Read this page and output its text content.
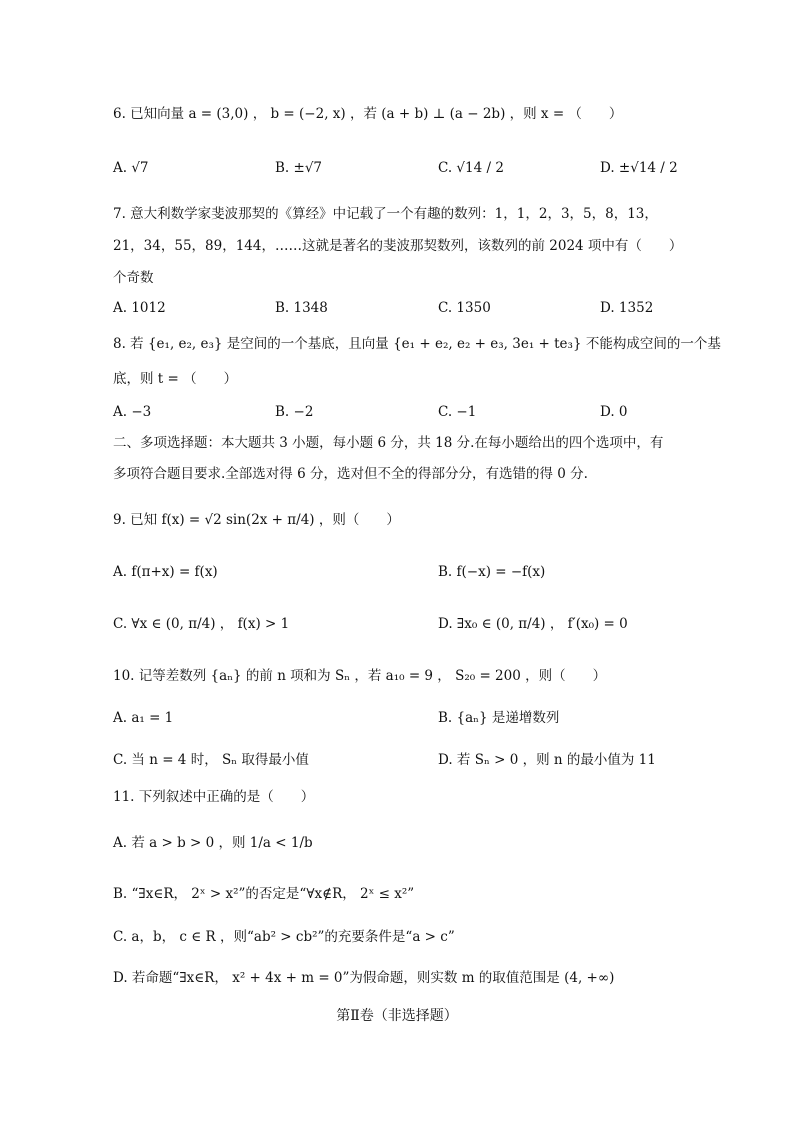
6. 已知向量 a = (3,0) ， b = (−2, x) ，若 (a + b) ⊥ (a − 2b) ，则 x = （　　）
A. √7	B. ±√7	C. √14 / 2	D. ±√14 / 2
7. 意大利数学家斐波那契的《算经》中记载了一个有趣的数列：1，1，2，3，5，8，13，
21，34，55，89，144，……这就是著名的斐波那契数列，该数列的前 2024 项中有（　　）
个奇数
A. 1012	B. 1348	C. 1350	D. 1352
8. 若 {e₁, e₂, e₃} 是空间的一个基底，且向量 {e₁ + e₂, e₂ + e₃, 3e₁ + te₃} 不能构成空间的一个基
底，则 t = （　　）
A. −3	B. −2	C. −1	D. 0
二、多项选择题：本大题共 3 小题，每小题 6 分，共 18 分.在每小题给出的四个选项中，有
多项符合题目要求.全部选对得 6 分，选对但不全的得部分分，有选错的得 0 分.
9. 已知 f(x) = √2 sin(2x + π/4) ，则（　　）
A. f(π+x) = f(x)	B. f(−x) = −f(x)
C. ∀x ∈ (0, π/4) ， f(x) > 1	D. ∃x₀ ∈ (0, π/4) ， f′(x₀) = 0
10. 记等差数列 {aₙ} 的前 n 项和为 Sₙ ，若 a₁₀ = 9 ， S₂₀ = 200 ，则（　　）
A. a₁ = 1	B. {aₙ} 是递增数列
C. 当 n = 4 时， Sₙ 取得最小值	D. 若 Sₙ > 0 ，则 n 的最小值为 11
11. 下列叙述中正确的是（　　）
A. 若 a > b > 0 ，则 1/a < 1/b
B. “∃x∈R， 2ˣ > x²”的否定是“∀x∉R， 2ˣ ≤ x²”
C. a，b， c ∈ R ，则“ab² > cb²”的充要条件是“a > c”
D. 若命题“∃x∈R， x² + 4x + m = 0”为假命题，则实数 m 的取值范围是 (4, +∞)
第Ⅱ卷（非选择题）
